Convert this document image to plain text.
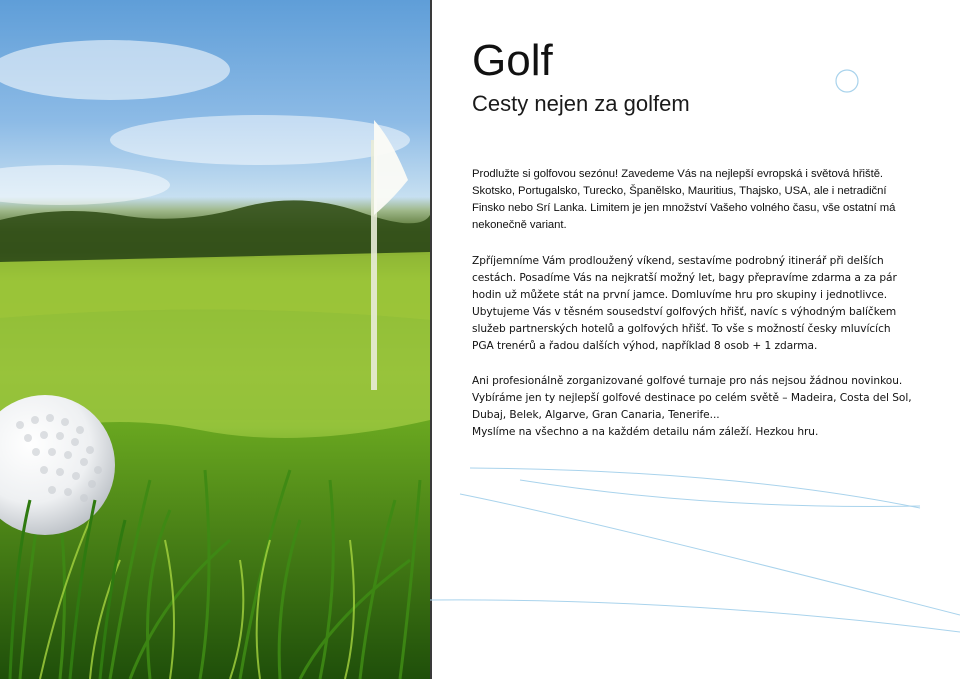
Golf
Cesty nejen za golfem

Prodlužte si golfovou sezónu! Zavedeme Vás na nejlepší evropská i světová hřiště. Skotsko, Portugalsko, Turecko, Španělsko, Mauritius, Thajsko, USA, ale i netradiční Finsko nebo Srí Lanka. Limitem je jen množství Vašeho volného času, vše ostatní má nekonečně variant.

Zpříjemníme Vám prodloužený víkend, sestavíme podrobný itinerář při delších cestách. Posadíme Vás na nejkratší možný let, bagy přepravíme zdarma a za pár hodin už můžete stát na první jamce. Domluvíme hru pro skupiny i jednotlivce. Ubytujeme Vás v těsném sousedství golfových hřišť, navíc s výhodným balíčkem služeb partnerských hotelů a golfových hřišť. To vše s možností česky mluvících PGA trenérů a řadou dalších výhod, například 8 osob + 1 zdarma.

Ani profesionálně zorganizované golfové turnaje pro nás nejsou žádnou novinkou. Vybíráme jen ty nejlepší golfové destinace po celém světě – Madeira, Costa del Sol, Dubaj, Belek, Algarve, Gran Canaria, Tenerife...

Myslíme na všechno a na každém detailu nám záleží. Hezkou hru.
